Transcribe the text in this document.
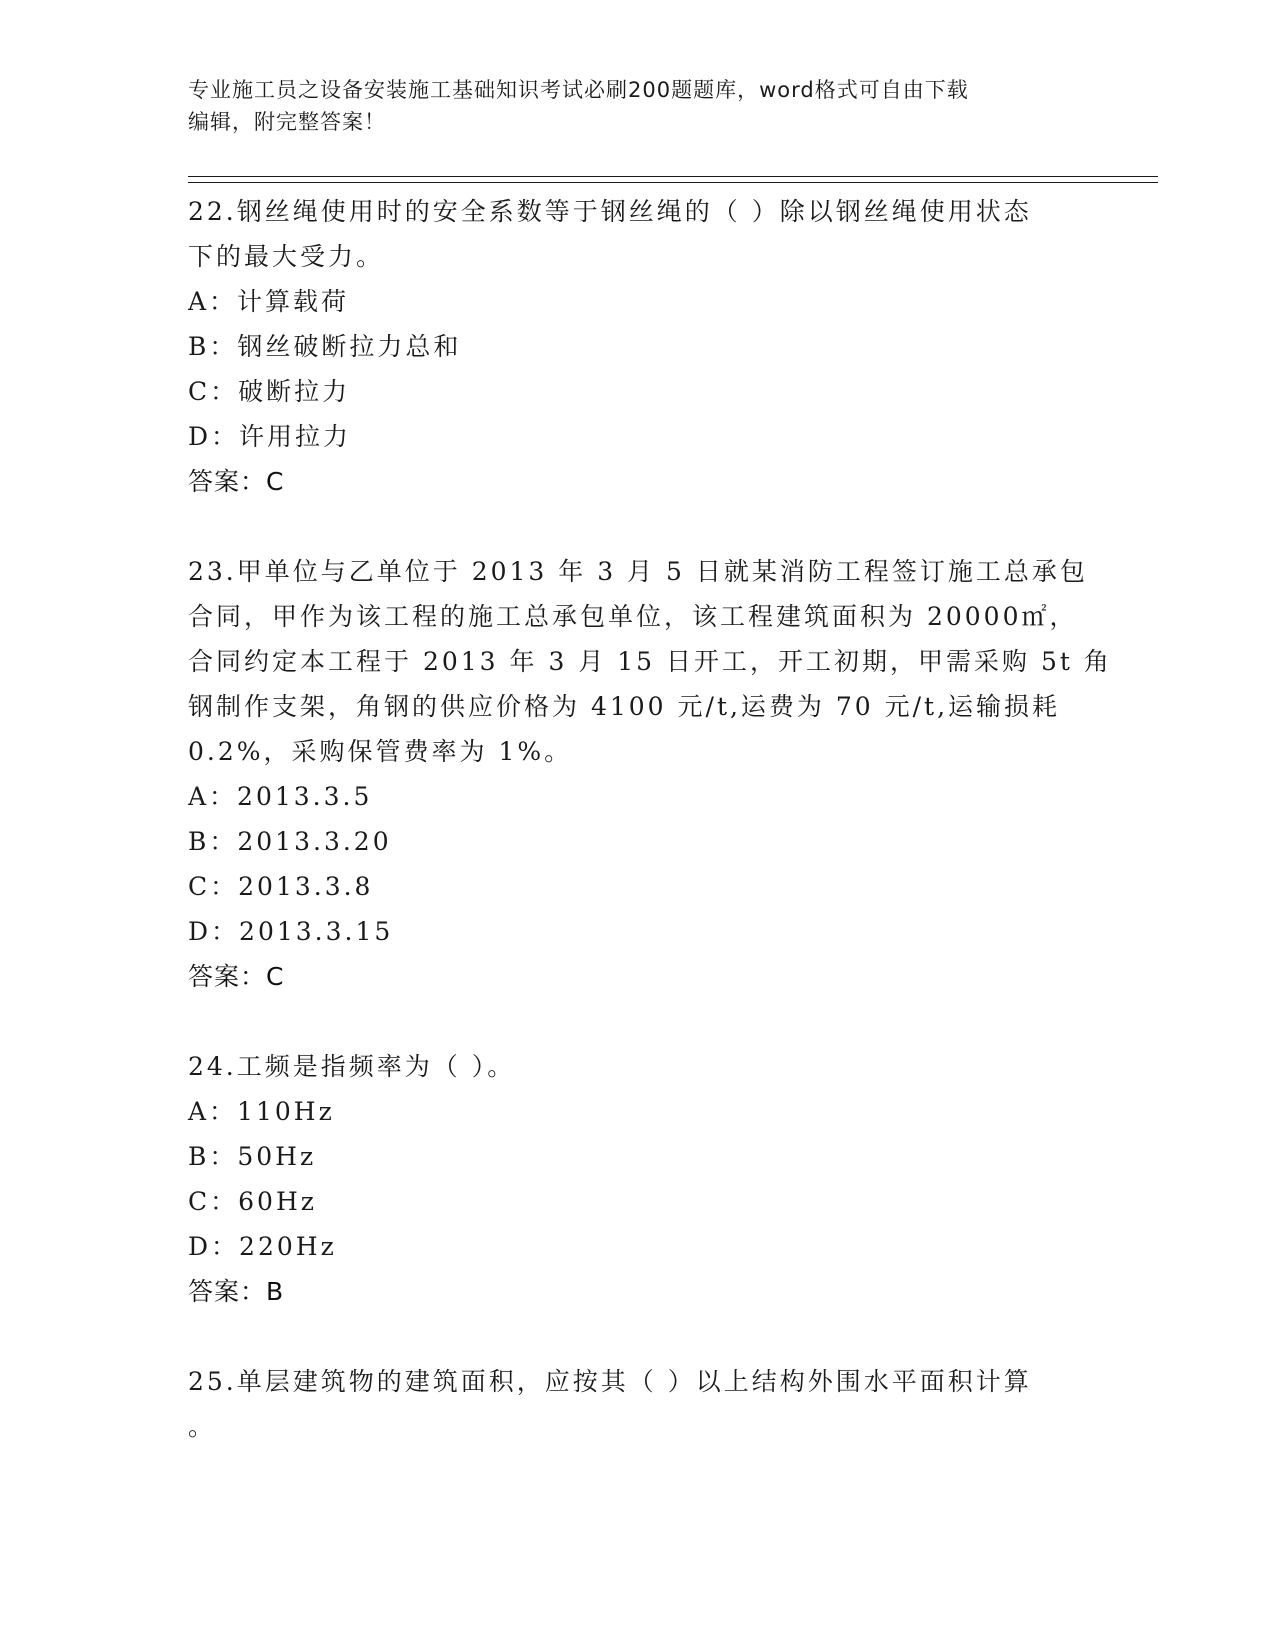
专业施工员之设备安装施工基础知识考试必刷200题题库，word格式可自由下载
编辑，附完整答案！
22.钢丝绳使用时的安全系数等于钢丝绳的（ ）除以钢丝绳使用状态
下的最大受力。
A：计算载荷
B：钢丝破断拉力总和
C：破断拉力
D：许用拉力
答案：C
23.甲单位与乙单位于 2013 年 3 月 5 日就某消防工程签订施工总承包
合同，甲作为该工程的施工总承包单位，该工程建筑面积为 20000㎡，
合同约定本工程于 2013 年 3 月 15 日开工，开工初期，甲需采购 5t 角
钢制作支架，角钢的供应价格为 4100 元/t,运费为 70 元/t,运输损耗
0.2%，采购保管费率为 1%。
A：2013.3.5
B：2013.3.20
C：2013.3.8
D：2013.3.15
答案：C
24.工频是指频率为（ ）。
A：110Hz
B：50Hz
C：60Hz
D：220Hz
答案：B
25.单层建筑物的建筑面积，应按其（ ）以上结构外围水平面积计算
。
